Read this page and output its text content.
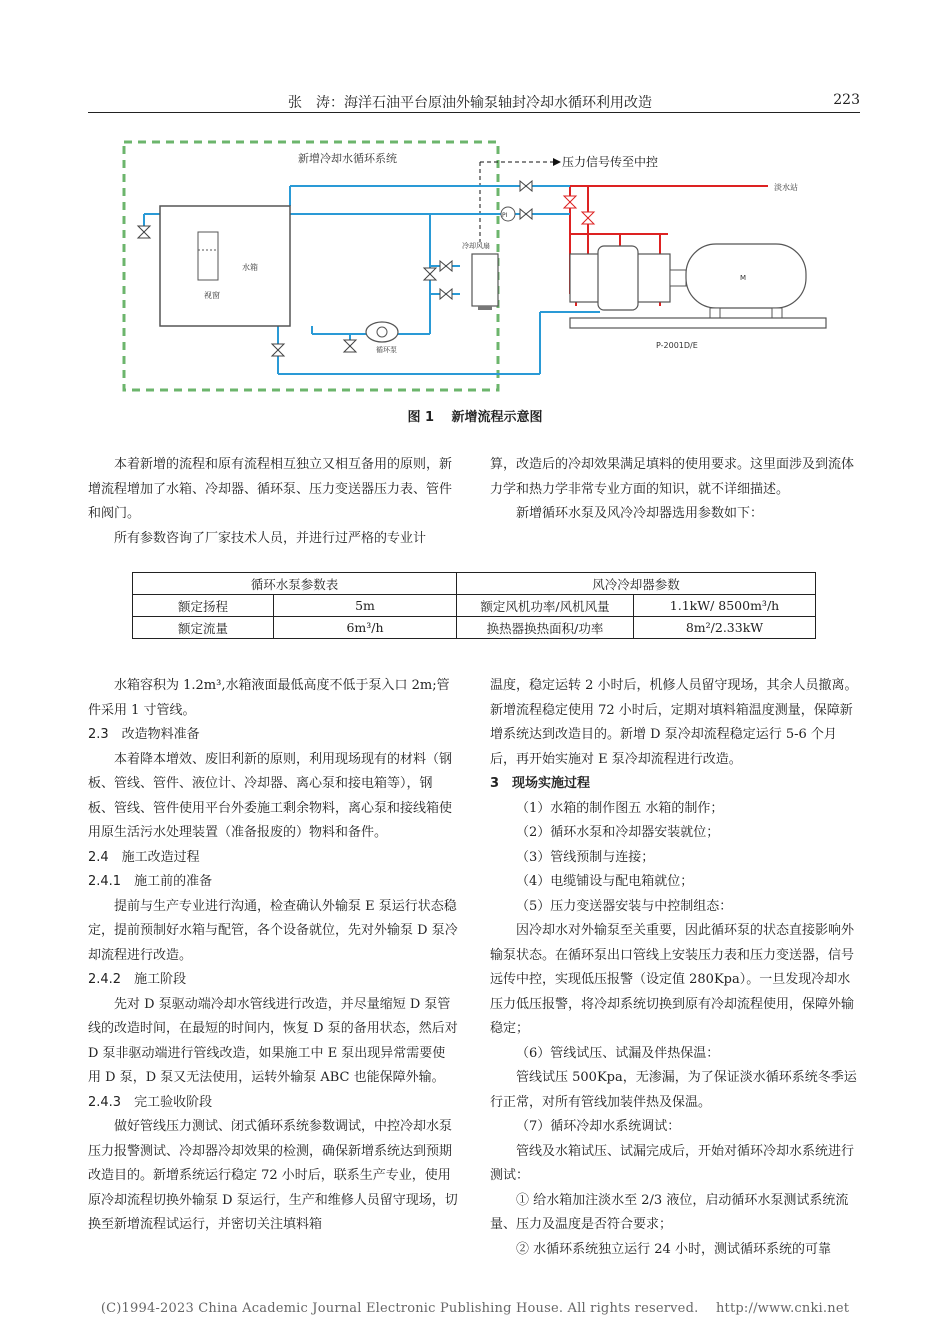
张　涛：海洋石油平台原油外输泵轴封冷却水循环利用改造	223
新增冷却水循环系统	压力信号传至中控
淡水站
水箱
视窗
冷却风扇
循环泵
PI
M
P-2001D/E
图 1　 新增流程示意图

本着新增的流程和原有流程相互独立又相互备用的原则，新增流程增加了水箱、冷却器、循环泵、压力变送器压力表、管件和阀门。

所有参数咨询了厂家技术人员，并进行过严格的专业计

算，改造后的冷却效果满足填料的使用要求。这里面涉及到流体力学和热力学非常专业方面的知识，就不详细描述。

新增循环水泵及风冷冷却器选用参数如下：

循环水泵参数表		风冷冷却器参数	
额定扬程	5m	额定风机功率/风机风量	1.1kW/ 8500m³/h
额定流量	6m³/h	换热器换热面积/功率	8m²/2.33kW

水箱容积为 1.2m³,水箱液面最低高度不低于泵入口 2m;管件采用 1 寸管线。

2.3　改造物料准备

本着降本增效、废旧利新的原则，利用现场现有的材料（钢板、管线、管件、液位计、冷却器、离心泵和接电箱等），钢板、管线、管件使用平台外委施工剩余物料，离心泵和接线箱使用原生活污水处理装置（准备报废的）物料和备件。

2.4　施工改造过程

2.4.1　施工前的准备

提前与生产专业进行沟通，检查确认外输泵 E 泵运行状态稳定，提前预制好水箱与配管，各个设备就位，先对外输泵 D 泵冷却流程进行改造。

2.4.2　施工阶段

先对 D 泵驱动端冷却水管线进行改造，并尽量缩短 D 泵管线的改造时间，在最短的时间内，恢复 D 泵的备用状态，然后对 D 泵非驱动端进行管线改造，如果施工中 E 泵出现异常需要使用 D 泵，D 泵又无法使用，运转外输泵 ABC 也能保障外输。

2.4.3　完工验收阶段

做好管线压力测试、闭式循环系统参数调试，中控冷却水泵压力报警测试、冷却器冷却效果的检测，确保新增系统达到预期改造目的。新增系统运行稳定 72 小时后，联系生产专业，使用原冷却流程切换外输泵 D 泵运行，生产和维修人员留守现场，切换至新增流程试运行，并密切关注填料箱

温度，稳定运转 2 小时后，机修人员留守现场，其余人员撤离。新增流程稳定使用 72 小时后，定期对填料箱温度测量，保障新增系统达到改造目的。新增 D 泵冷却流程稳定运行 5-6 个月后，再开始实施对 E 泵冷却流程进行改造。

3　现场实施过程

（1）水箱的制作图五 水箱的制作；

（2）循环水泵和冷却器安装就位；

（3）管线预制与连接；

（4）电缆铺设与配电箱就位；

（5）压力变送器安装与中控制组态：

因冷却水对外输泵至关重要，因此循环泵的状态直接影响外输泵状态。在循环泵出口管线上安装压力表和压力变送器，信号远传中控，实现低压报警（设定值 280Kpa）。一旦发现冷却水压力低压报警，将冷却系统切换到原有冷却流程使用，保障外输稳定；

（6）管线试压、试漏及伴热保温：

管线试压 500Kpa，无渗漏，为了保证淡水循环系统冬季运行正常，对所有管线加装伴热及保温。

（7）循环冷却水系统调试：

管线及水箱试压、试漏完成后，开始对循环冷却水系统进行测试：

① 给水箱加注淡水至 2/3 液位，启动循环水泵测试系统流量、压力及温度是否符合要求；

② 水循环系统独立运行 24 小时，测试循环系统的可靠

(C)1994-2023 China Academic Journal Electronic Publishing House. All rights reserved.　 http://www.cnki.net
